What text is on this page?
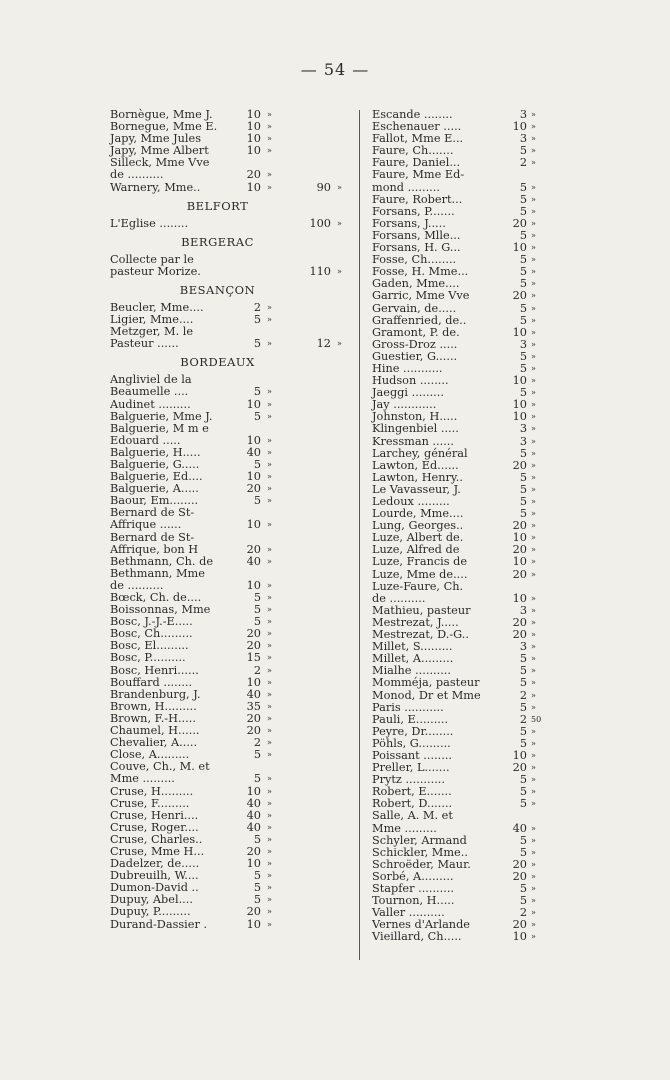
— 54 —
Bornègue, Mme J.	10 »
Bornegue, Mme E.	10 »
Japy, Mme Jules	10 »
Japy, Mme Albert	10 »
Silleck, Mme Vve
de ..........	20 »
Warnery, Mme..	10 »	90 »
BELFORT
L'Eglise ........	100 »
BERGERAC
Collecte par le
pasteur Morize.	110 »
BESANÇON
Beucler, Mme....	2 »
Ligier, Mme....	5 »
Metzger, M. le
Pasteur ......	5 »	12 »
BORDEAUX
Angliviel de la
Beaumelle ....	5 »
Audinet .........	10 »
Balguerie, Mme J.	5 »
Balguerie, M m e
Edouard .....	10 »
Balguerie, H.....	40 »
Balguerie, G.....	5 »
Balguerie, Ed....	10 »
Balguerie, A.....	20 »
Baour, Em........	5 »
Bernard de St-
Affrique ......	10 »
Bernard de St-
Affrique, bon H	20 »
Bethmann, Ch. de	40 »
Bethmann, Mme
de ..........	10 »
Bœck, Ch. de....	5 »
Boissonnas, Mme	5 »
Bosc, J.-J.-E.....	5 »
Bosc, Ch.........	20 »
Bosc, El.........	20 »
Bosc, P..........	15 »
Bosc, Henri......	2 »
Bouffard ........	10 »
Brandenburg, J.	40 »
Brown, H.........	35 »
Brown, F.-H.....	20 »
Chaumel, H......	20 »
Chevalier, A.....	2 »
Close, A.........	5 »
Couve, Ch., M. et
Mme .........	5 »
Cruse, H.........	10 »
Cruse, F.........	40 »
Cruse, Henri....	40 »
Cruse, Roger....	40 »
Cruse, Charles..	5 »
Cruse, Mme H...	20 »
Dadelzer, de.....	10 »
Dubreuilh, W....	5 »
Dumon-David ..	5 »
Dupuy, Abel....	5 »
Dupuy, P.........	20 »
Durand-Dassier .	10 »
Escande ........	3 »
Eschenauer .....	10 »
Fallot, Mme E...	3 »
Faure, Ch.......	5 »
Faure, Daniel...	2 »
Faure, Mme Ed-
mond .........	5 »
Faure, Robert...	5 »
Forsans, P.......	5 »
Forsans, J.....	20 »
Forsans, Mlle...	5 »
Forsans, H. G...	10 »
Fosse, Ch........	5 »
Fosse, H. Mme...	5 »
Gaden, Mme....	5 »
Garric, Mme Vve	20 »
Gervain, de.....	5 »
Graffenried, de..	5 »
Gramont, P. de.	10 »
Gross-Droz .....	3 »
Guestier, G......	5 »
Hine ...........	5 »
Hudson ........	10 »
Jaeggi .........	5 »
Jay ............	10 »
Johnston, H.....	10 »
Klingenbiel .....	3 »
Kressman ......	3 »
Larchey, général	5 »
Lawton, Ed......	20 »
Lawton, Henry..	5 »
Le Vavasseur, J.	5 »
Ledoux .........	5 »
Lourde, Mme....	5 »
Lung, Georges..	20 »
Luze, Albert de.	10 »
Luze, Alfred de	20 »
Luze, Francis de	10 »
Luze, Mme de....	20 »
Luze-Faure, Ch.
de ..........	10 »
Mathieu, pasteur	3 »
Mestrezat, J.....	20 »
Mestrezat, D.-G..	20 »
Millet, S.........	3 »
Millet, A.........	5 »
Mialhe ..........	5 »
Momméja, pasteur	5 »
Monod, Dr et Mme	2 »
Paris ...........	5 »
Pauli, E.........	2 50
Peyre, Dr........	5 »
Pöhls, G.........	5 »
Poissant ........	10 »
Preller, L.......	20 »
Prytz ...........	5 »
Robert, E.......	5 »
Robert, D.......	5 »
Salle, A. M. et
Mme .........	40 »
Schyler, Armand	5 »
Schickler, Mme..	5 »
Schroëder, Maur.	20 »
Sorbé, A.........	20 »
Stapfer ..........	5 »
Tournon, H.....	5 »
Valler ..........	2 »
Vernes d'Arlande	20 »
Vieillard, Ch.....	10 »
